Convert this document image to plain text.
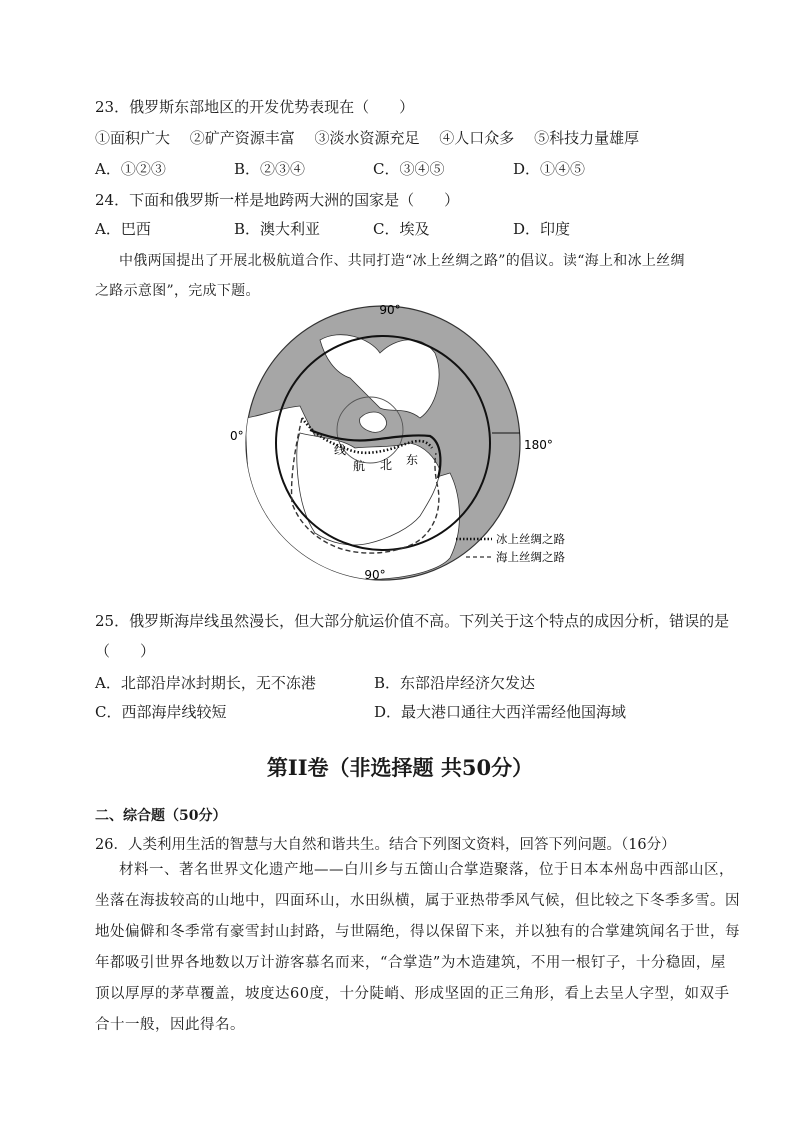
23．俄罗斯东部地区的开发优势表现在（　　）
①面积广大　 ②矿产资源丰富　 ③淡水资源充足　 ④人口众多　 ⑤科技力量雄厚
A．①②③	B．②③④	C．③④⑤	D．①④⑤
24．下面和俄罗斯一样是地跨两大洲的国家是（　　）
A．巴西	B．澳大利亚	C．埃及	D．印度
中俄两国提出了开展北极航道合作、共同打造“冰上丝绸之路”的倡议。读“海上和冰上丝绸
之路示意图”，完成下题。
90°
90°
0°
180°
线
航 北 东
冰上丝绸之路
海上丝绸之路
25．俄罗斯海岸线虽然漫长，但大部分航运价值不高。下列关于这个特点的成因分析，错误的是
（　　）
A．北部沿岸冰封期长，无不冻港	B．东部沿岸经济欠发达
C．西部海岸线较短	D．最大港口通往大西洋需经他国海域
第II卷（非选择题 共50分）
二、综合题（50分）
26．人类利用生活的智慧与大自然和谐共生。结合下列图文资料，回答下列问题。（16分）

材料一、著名世界文化遗产地——白川乡与五箇山合掌造聚落，位于日本本州岛中西部山区，

坐落在海拔较高的山地中，四面环山，水田纵横，属于亚热带季风气候，但比较之下冬季多雪。因

地处偏僻和冬季常有豪雪封山封路，与世隔绝，得以保留下来，并以独有的合掌建筑闻名于世，每

年都吸引世界各地数以万计游客慕名而来，“合掌造”为木造建筑，不用一根钉子，十分稳固，屋

顶以厚厚的茅草覆盖，坡度达60度，十分陡峭、形成坚固的正三角形，看上去呈人字型，如双手

合十一般，因此得名。
